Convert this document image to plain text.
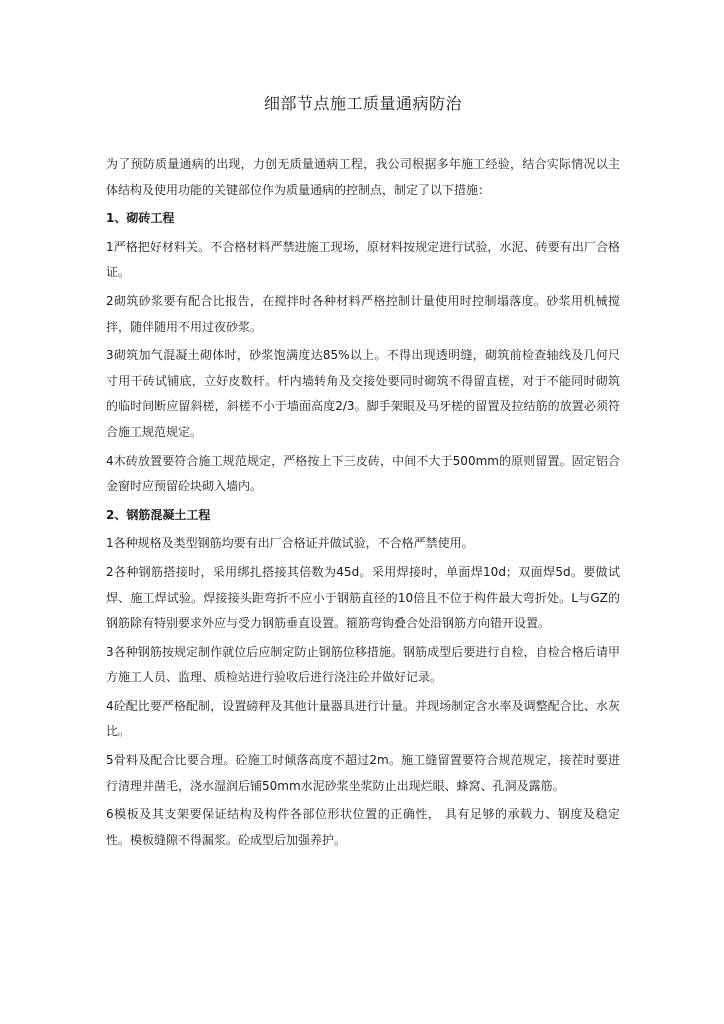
细部节点施工质量通病防治

为了预防质量通病的出现，力创无质量通病工程，我公司根据多年施工经验，结合实际情况以主体结构及使用功能的关键部位作为质量通病的控制点，制定了以下措施：

1、砌砖工程

1严格把好材料关。不合格材料严禁进施工现场，原材料按规定进行试验，水泥、砖要有出厂合格证。

2砌筑砂浆要有配合比报告，在搅拌时各种材料严格控制计量使用时控制塌落度。砂浆用机械搅拌，随伴随用不用过夜砂浆。

3砌筑加气混凝土砌体时，砂浆饱满度达85%以上。不得出现透明缝，砌筑前检查轴线及几何尺寸用干砖试铺底，立好皮数杆。杆内墙转角及交接处要同时砌筑不得留直槎，对于不能同时砌筑的临时间断应留斜槎，斜槎不小于墙面高度2/3。脚手架眼及马牙槎的留置及拉结筋的放置必须符合施工规范规定。

4木砖放置要符合施工规范规定，严格按上下三皮砖，中间不大于500mm的原则留置。固定铝合金窗时应预留砼块砌入墙内。

2、钢筋混凝土工程

1各种规格及类型钢筋均要有出厂合格证并做试验，不合格严禁使用。

2各种钢筋搭接时，采用绑扎搭接其倍数为45d。采用焊接时，单面焊10d；双面焊5d。要做试焊、施工焊试验。焊接接头距弯折不应小于钢筋直径的10倍且不位于构件最大弯折处。L与GZ的钢筋除有特别要求外应与受力钢筋垂直设置。箍筋弯钩叠合处沿钢筋方向错开设置。

3各种钢筋按规定制作就位后应制定防止钢筋位移措施。钢筋成型后要进行自检，自检合格后请甲方施工人员、监理、质检站进行验收后进行浇注砼并做好记录。

4砼配比要严格配制，设置磅秤及其他计量器具进行计量。并现场制定含水率及调整配合比、水灰比。

5骨料及配合比要合理。砼施工时倾落高度不超过2m。施工缝留置要符合规范规定，接茬时要进行清理并凿毛，浇水湿润后铺50mm水泥砂浆坐浆防止出现烂眼、蜂窝、孔洞及露筋。

6模板及其支架要保证结构及构件各部位形状位置的正确性， 具有足够的承载力、钢度及稳定性。模板缝隙不得漏浆。砼成型后加强养护。
